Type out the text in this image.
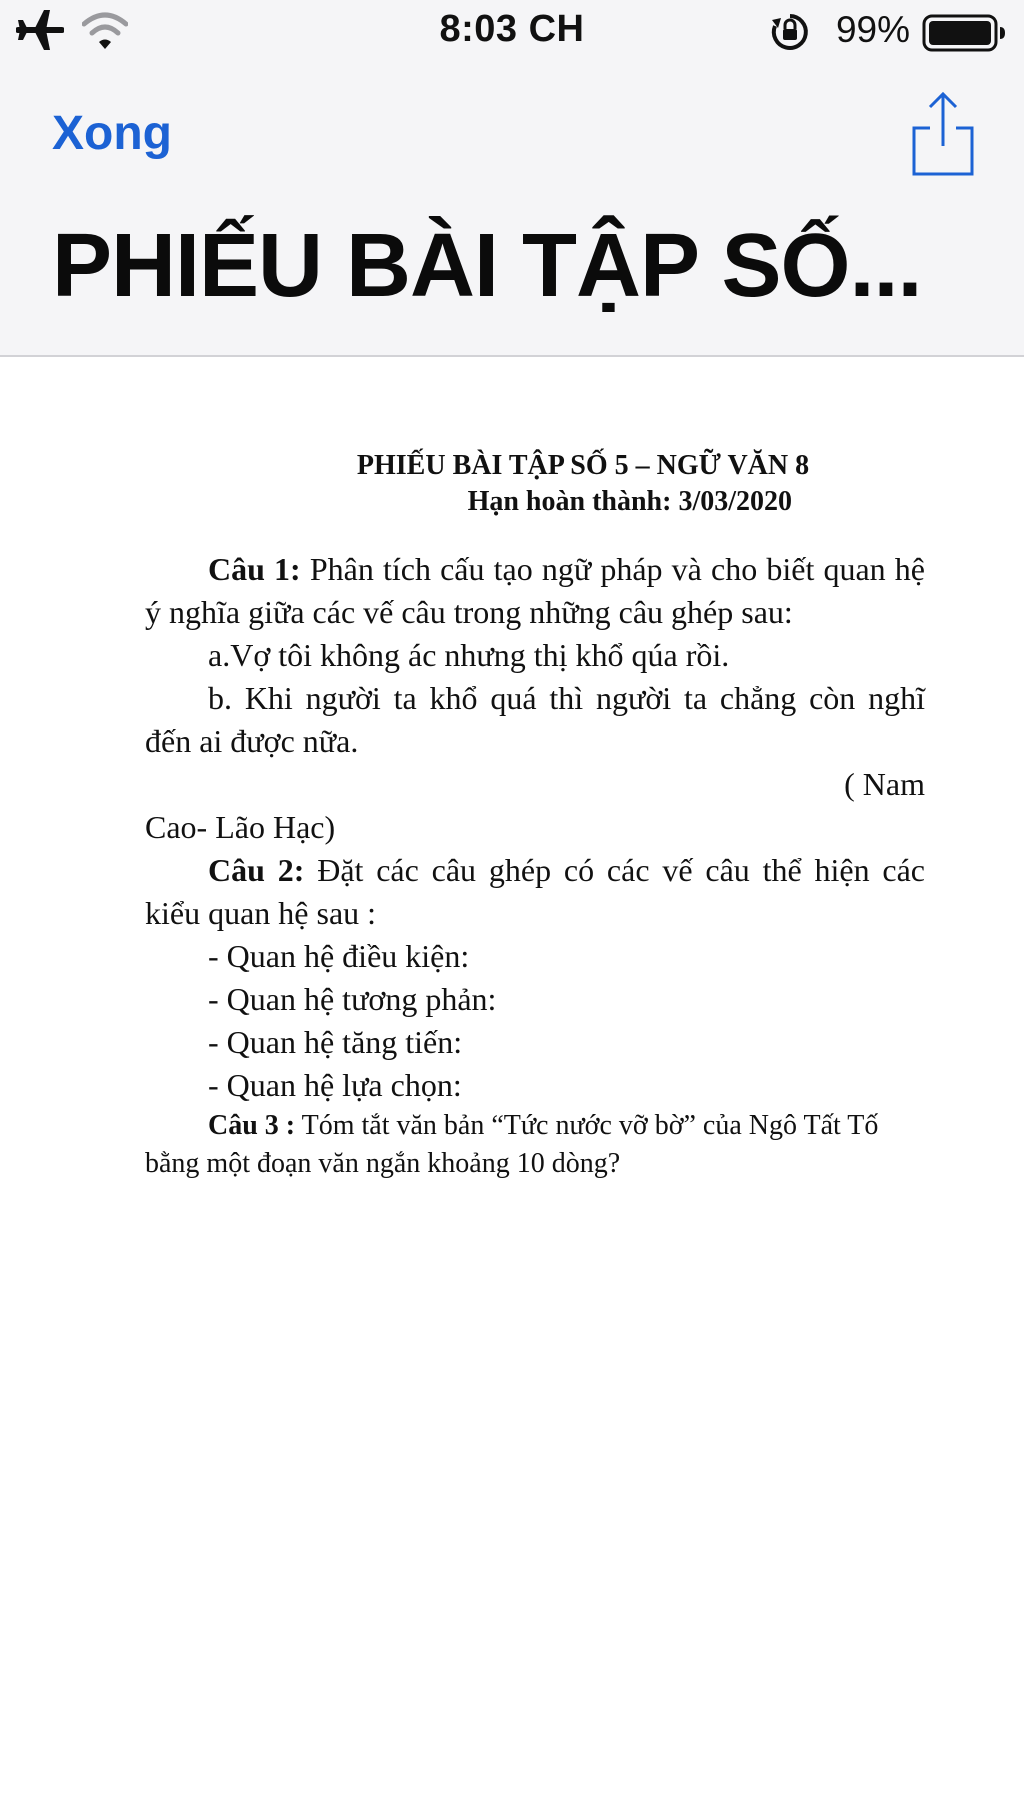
8:03 CH	99%
Xong
PHIẾU BÀI TẬP SỐ...
PHIẾU BÀI TẬP SỐ 5 – NGỮ VĂN 8
Hạn hoàn thành: 3/03/2020
Câu 1: Phân tích cấu tạo ngữ pháp và cho biết quan hệ ý nghĩa giữa các vế câu trong những câu ghép sau:
a.Vợ tôi không ác nhưng thị khổ qúa rồi.
b. Khi người ta khổ quá thì người ta chẳng còn nghĩ đến ai được nữa.
( Nam
Cao- Lão Hạc)
Câu 2: Đặt các câu ghép có các vế câu thể hiện các kiểu quan hệ sau :
- Quan hệ điều kiện:
- Quan hệ tương phản:
- Quan hệ tăng tiến:
- Quan hệ lựa chọn:
Câu 3 : Tóm tắt văn bản “Tức nước vỡ bờ” của Ngô Tất Tố bằng một đoạn văn ngắn khoảng 10 dòng?
